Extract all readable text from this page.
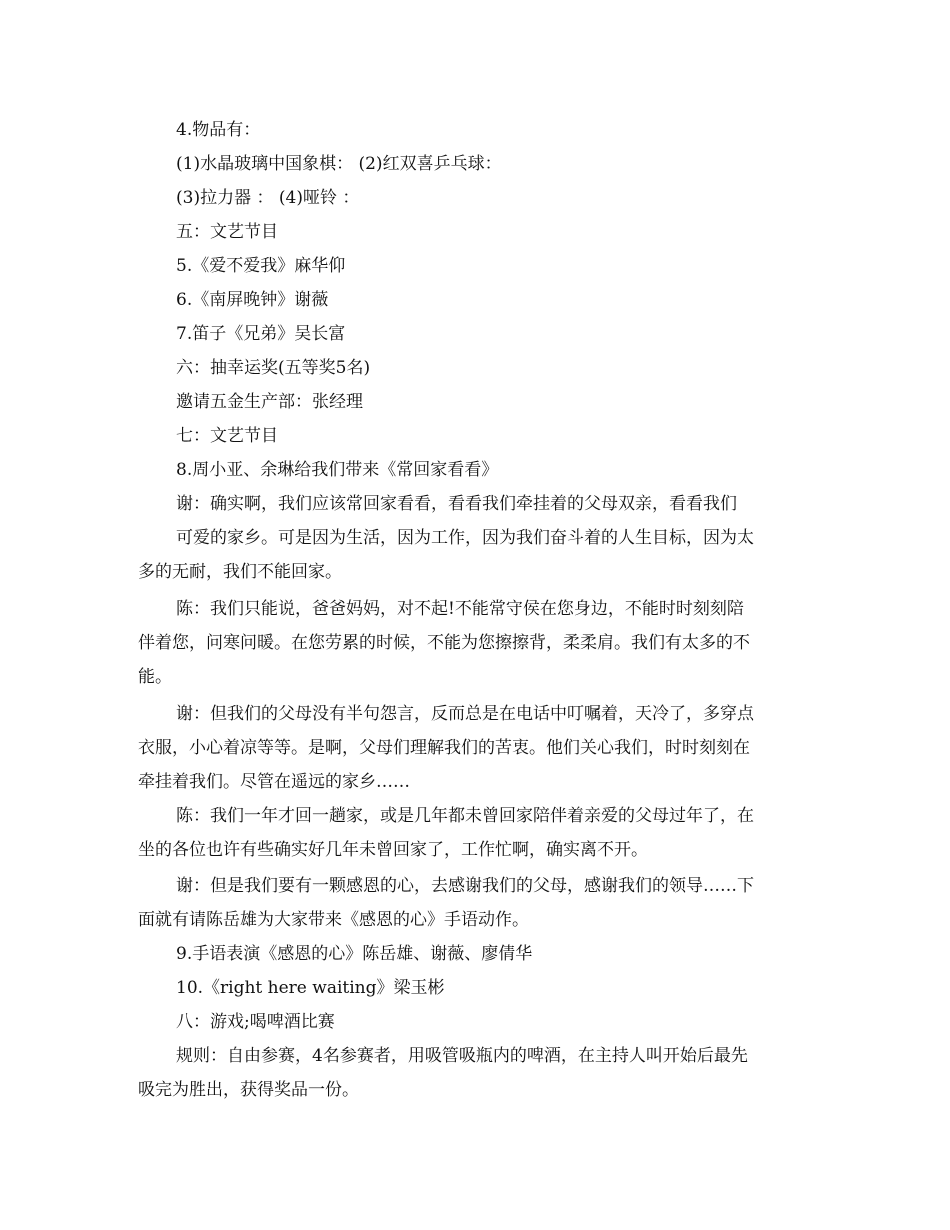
4.物品有：
(1)水晶玻璃中国象棋： (2)红双喜乒乓球：
(3)拉力器 ： (4)哑铃 ：
五：文艺节目
5.《爱不爱我》麻华仰
6.《南屏晚钟》谢薇
7.笛子《兄弟》吴长富
六：抽幸运奖(五等奖5名)
邀请五金生产部：张经理
七：文艺节目
8.周小亚、余琳给我们带来《常回家看看》
谢：确实啊，我们应该常回家看看，看看我们牵挂着的父母双亲，看看我们
可爱的家乡。可是因为生活，因为工作，因为我们奋斗着的人生目标，因为太
多的无耐，我们不能回家。
陈：我们只能说，爸爸妈妈，对不起!不能常守侯在您身边，不能时时刻刻陪
伴着您，问寒问暖。在您劳累的时候，不能为您擦擦背，柔柔肩。我们有太多的不
能。
谢：但我们的父母没有半句怨言，反而总是在电话中叮嘱着，天冷了，多穿点
衣服，小心着凉等等。是啊，父母们理解我们的苦衷。他们关心我们，时时刻刻在
牵挂着我们。尽管在遥远的家乡……
陈：我们一年才回一趟家，或是几年都未曾回家陪伴着亲爱的父母过年了，在
坐的各位也许有些确实好几年未曾回家了，工作忙啊，确实离不开。
谢：但是我们要有一颗感恩的心，去感谢我们的父母，感谢我们的领导……下
面就有请陈岳雄为大家带来《感恩的心》手语动作。
9.手语表演《感恩的心》陈岳雄、谢薇、廖倩华
10.《right here waiting》梁玉彬
八：游戏;喝啤酒比赛
规则：自由参赛，4名参赛者，用吸管吸瓶内的啤酒，在主持人叫开始后最先
吸完为胜出，获得奖品一份。
